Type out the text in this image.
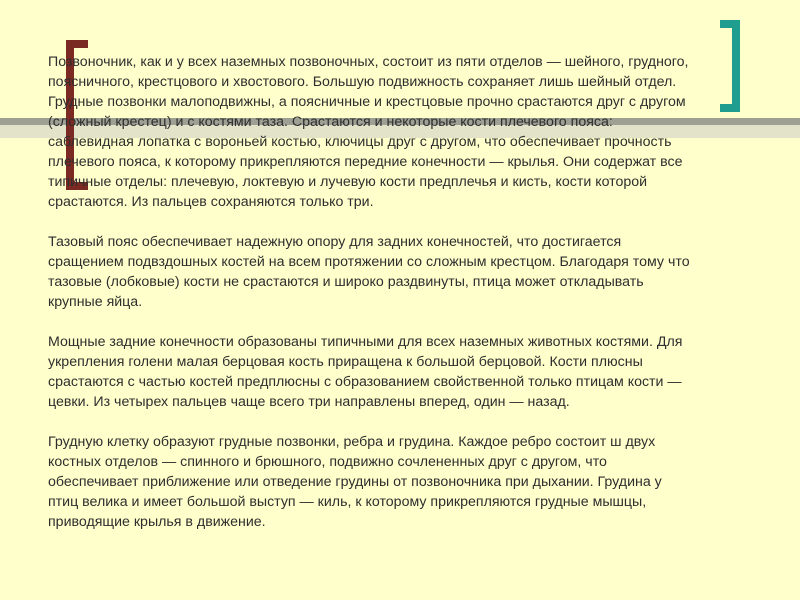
Позвоночник, как и у всех наземных позвоночных, состоит из пяти отделов — шейного, грудного,
поясничного, крестцового и хвостового. Большую подвижность сохраняет лишь шейный отдел.
Грудные позвонки малоподвижны, а поясничные и крестцовые прочно срастаются друг с другом
(сложный крестец) и с костями таза. Срастаются и некоторые кости плечевого пояса:
саблевидная лопатка с вороньей костью, ключицы друг с другом, что обеспечивает прочность
плечевого пояса, к которому прикрепляются передние конечности — крылья. Они содержат все
типичные отделы: плечевую, локтевую и лучевую кости предплечья и кисть, кости которой
срастаются. Из пальцев сохраняются только три.

Тазовый пояс обеспечивает надежную опору для задних конечностей, что достигается
сращением подвздошных костей на всем протяжении со сложным крестцом. Благодаря тому что
тазовые (лобковые) кости не срастаются и широко раздвинуты, птица может откладывать
крупные яйца.

Мощные задние конечности образованы типичными для всех наземных животных костями. Для
укрепления голени малая берцовая кость приращена к большой берцовой. Кости плюсны
срастаются с частью костей предплюсны с образованием свойственной только птицам кости —
цевки. Из четырех пальцев чаще всего три направлены вперед, один — назад.

Грудную клетку образуют грудные позвонки, ребра и грудина. Каждое ребро состоит ш двух
костных отделов — спинного и брюшного, подвижно сочлененных друг с другом, что
обеспечивает приближение или отведение грудины от позвоночника при дыхании. Грудина у
птиц велика и имеет большой выступ — киль, к которому прикрепляются грудные мышцы,
приводящие крылья в движение.
